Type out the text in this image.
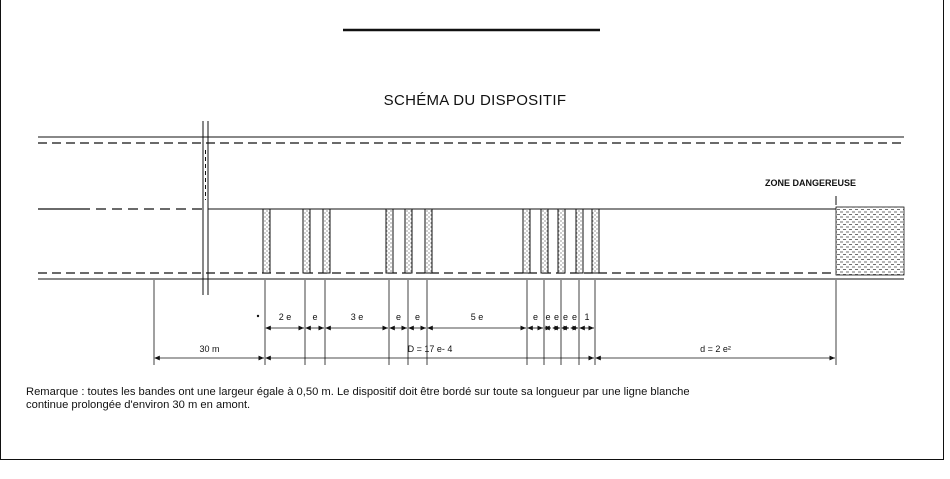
2 e e	3 e	e e	5 e	e e e e e 1
30 m	D = 17 e- 4	d = 2 e²
SCHÉMA DU DISPOSITIF
ZONE DANGEREUSE
Remarque : toutes les bandes ont une largeur égale à 0,50 m. Le dispositif doit être bordé sur toute sa longueur par une ligne blanche
continue prolongée d'environ 30 m en amont.
